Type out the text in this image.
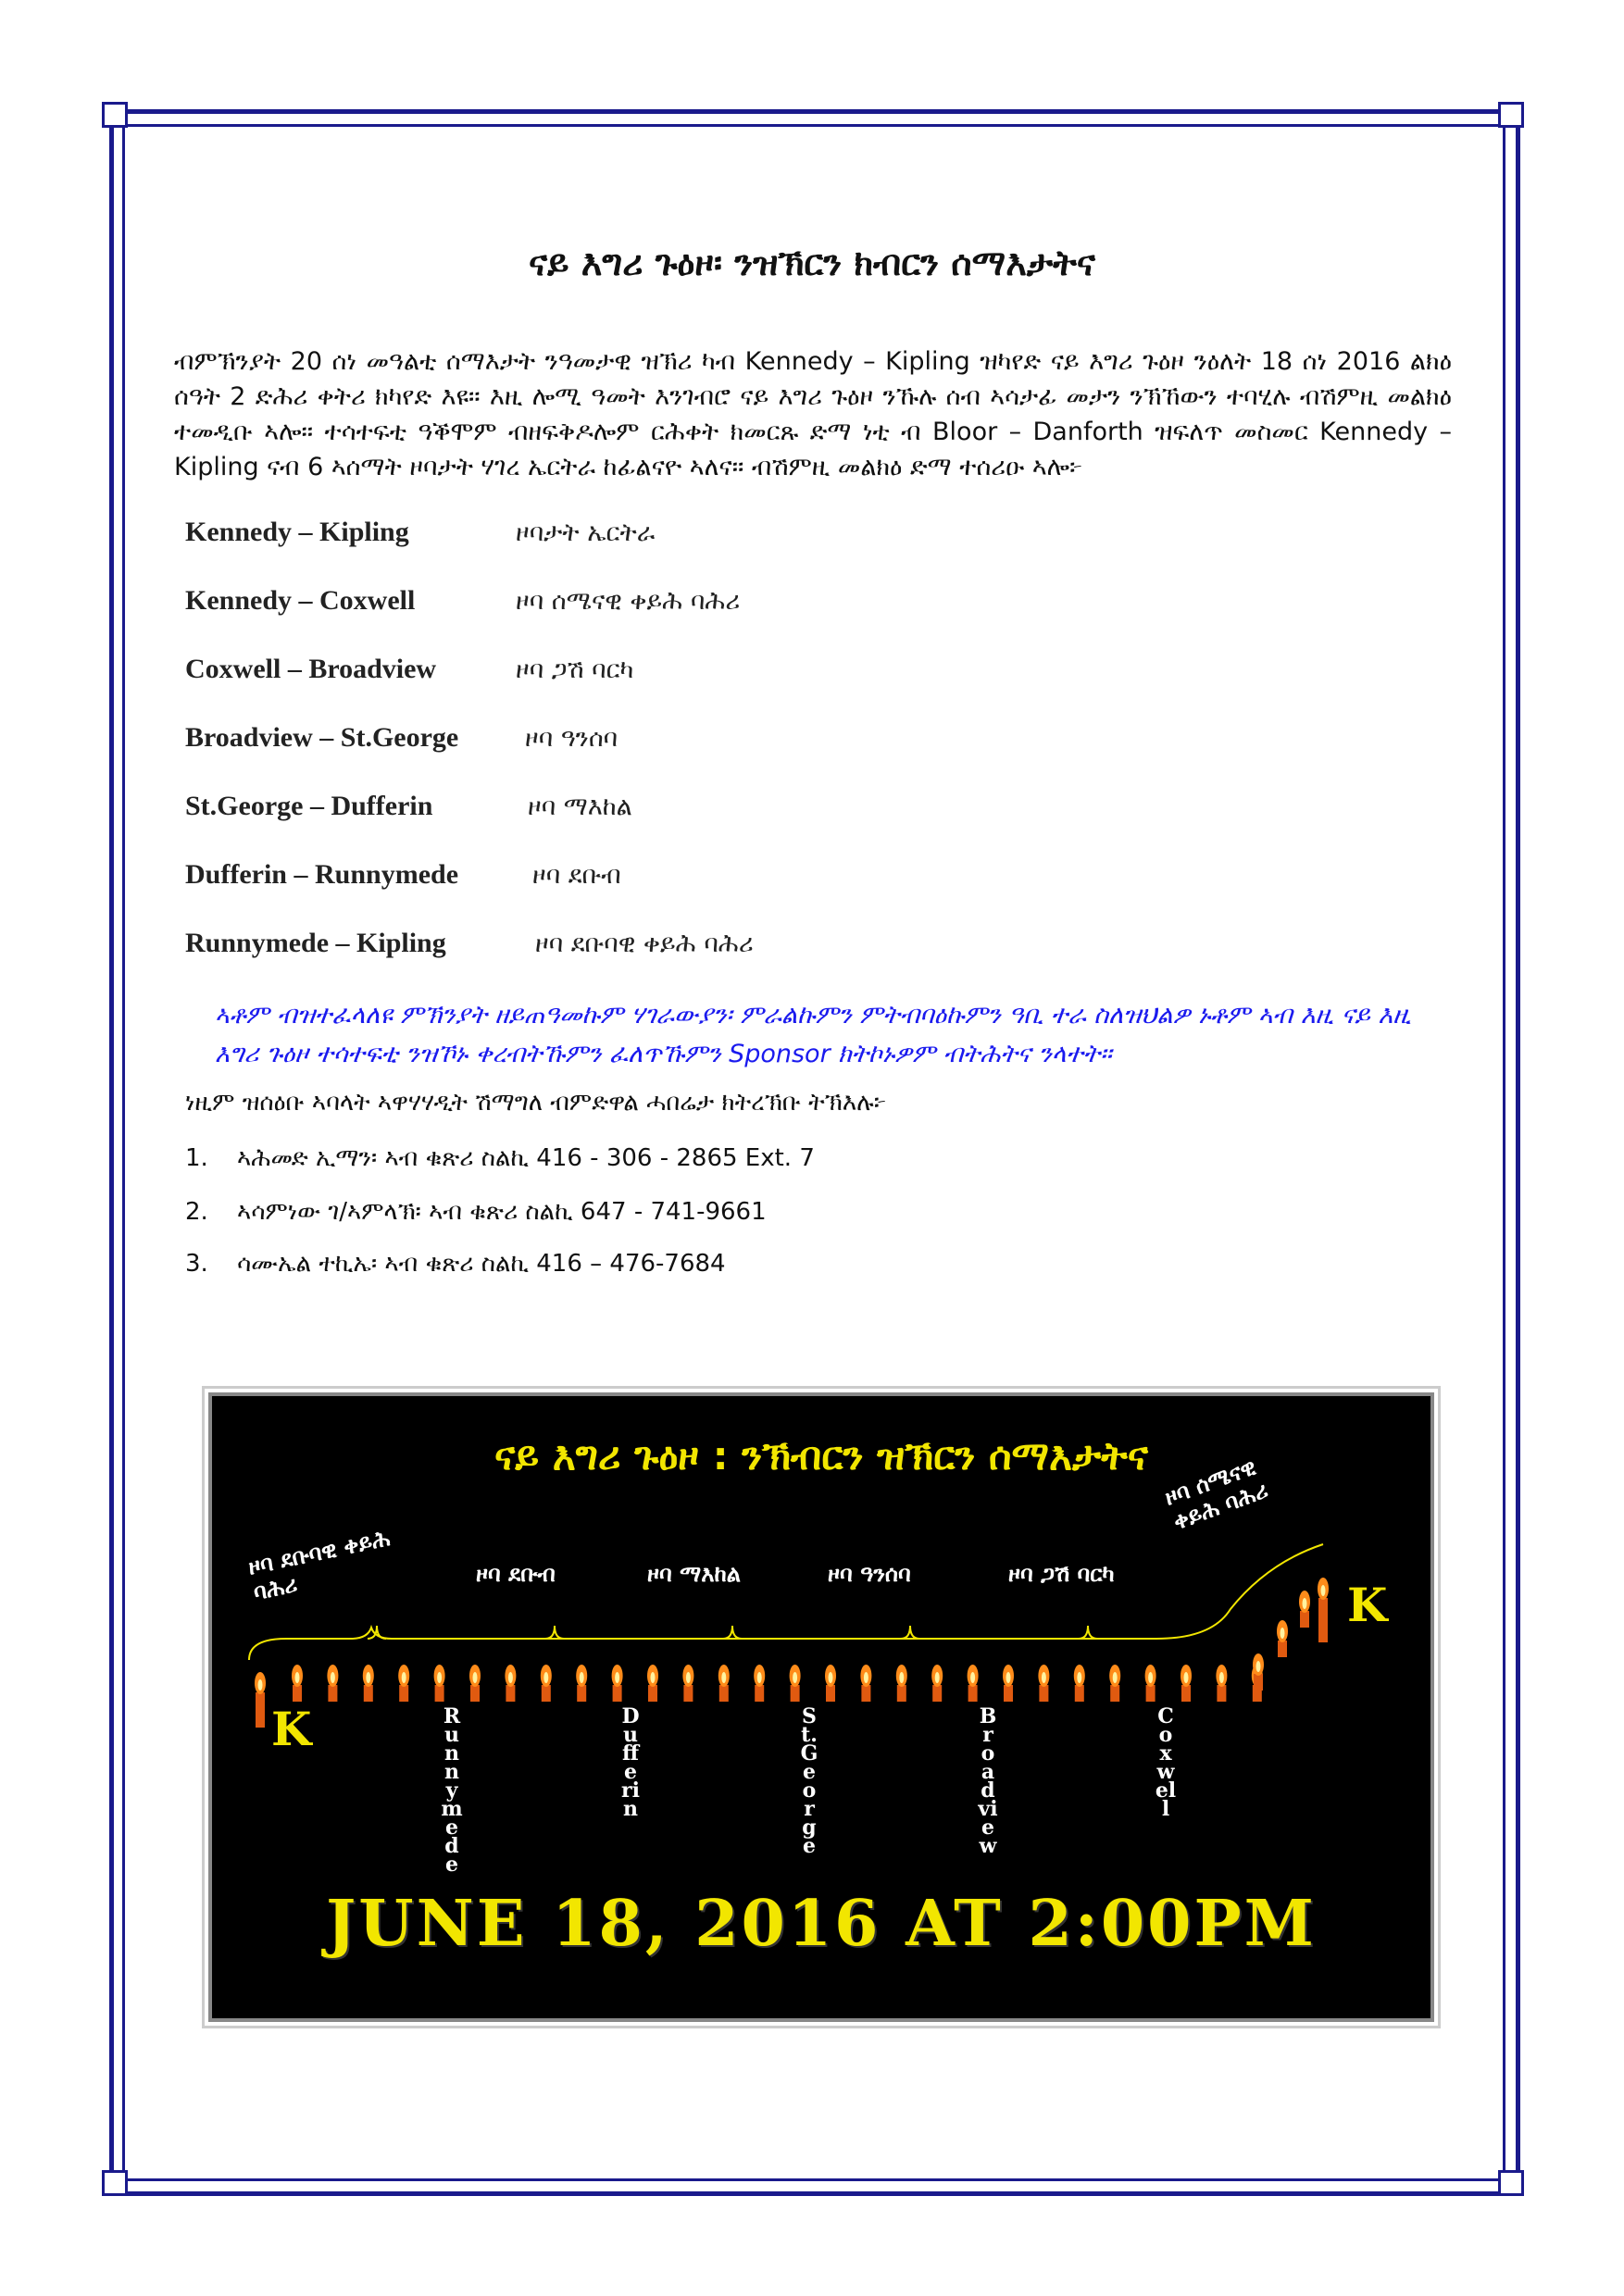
ናይ እግሪ ጉዕዞ፡ ንዝኽርን ክብርን ሰማእታትና
ብምኽንያት 20 ሰነ መዓልቲ ሰማእታት ንዓመታዊ ዝኽሪ ካብ Kennedy – Kipling ዝካየድ ናይ እግሪ ጉዕዞ ንዕለት 18 ሰነ 2016 ልክዕ ሰዓት 2 ድሕሪ ቀትሪ ክካየድ እዩ። እዚ ሎሚ ዓመት እንገብሮ ናይ እግሪ ጉዕዞ ንኹሉ ሰብ ኣሳታፊ መታን ንኽኸውን ተባሂሉ ብሽምዚ መልክዕ ተመዲቡ ኣሎ። ተሳተፍቲ ዓቕሞም ብዘፍቅዶሎም ርሕቀት ክመርጹ ድማ ነቲ ብ Bloor – Danforth ዝፍለጥ መስመር Kennedy – Kipling ናብ 6 ኣሰማት ዞባታት ሃገረ ኤርትራ ከፊልናዮ ኣለና። ብሽምዚ መልክዕ ድማ ተሰሪዑ ኣሎ፦
Kennedy – Kipling	ዞባታት ኤርትራ
Kennedy – Coxwell	ዞባ ሰሜናዊ ቀይሕ ባሕሪ
Coxwell – Broadview	ዞባ ጋሽ ባርካ
Broadview – St.George	ዞባ ዓንሰባ
St.George – Dufferin	ዞባ ማእከል
Dufferin – Runnymede	ዞባ ደቡብ
Runnymede – Kipling	ዞባ ደቡባዊ ቀይሕ ባሕሪ
ኣቶም ብዝተፈላለዩ ምኽንያት ዘይጠዓመኩም ሃገራውያን፡ ምራልኩምን ምትብባዕኩምን ዓቢ ተራ ስለዝህልዎ ኑቶም ኣብ እዚ ናይ እዚ እግሪ ጉዕዞ ተሳተፍቲ ንዝኾኑ ቀረብትኹምን ፈለጥኹምን Sponsor ክትኮኑዎም ብትሕትና ንላተት።
ነዚም ዝሰዕቡ ኣባላት ኣዋሃሃዲት ሽማግለ ብምድዋል ሓበሬታ ክትረኽቡ ትኽእሉ፦
1. ኣሕመድ ኢማን፡ ኣብ ቁጽሪ ስልኪ 416 - 306 - 2865 Ext. 7
2. ኣሳምነው ገ/ኣምላኽ፡ ኣብ ቁጽሪ ስልኪ 647 - 741-9661
3. ሳሙኤል ተኪኤ፡ ኣብ ቁጽሪ ስልኪ 416 – 476-7684
ናይ እግሪ ጉዕዞ : ንኽብርን ዝኽርን ሰማእታትና
ዞባ ደቡባዊ ቀይሕ ባሕሪ	ዞባ ደቡብ	ዞባ ማእከል	ዞባ ዓንሰባ	ዞባ ጋሽ ባርካ
ዞባ ሰሜናዊ ቀይሕ ባሕሪ
Runnymede
Dufferin
St.George
Broadview
Coxwell
K
K
JUNE 18, 2016 AT 2:00PM
